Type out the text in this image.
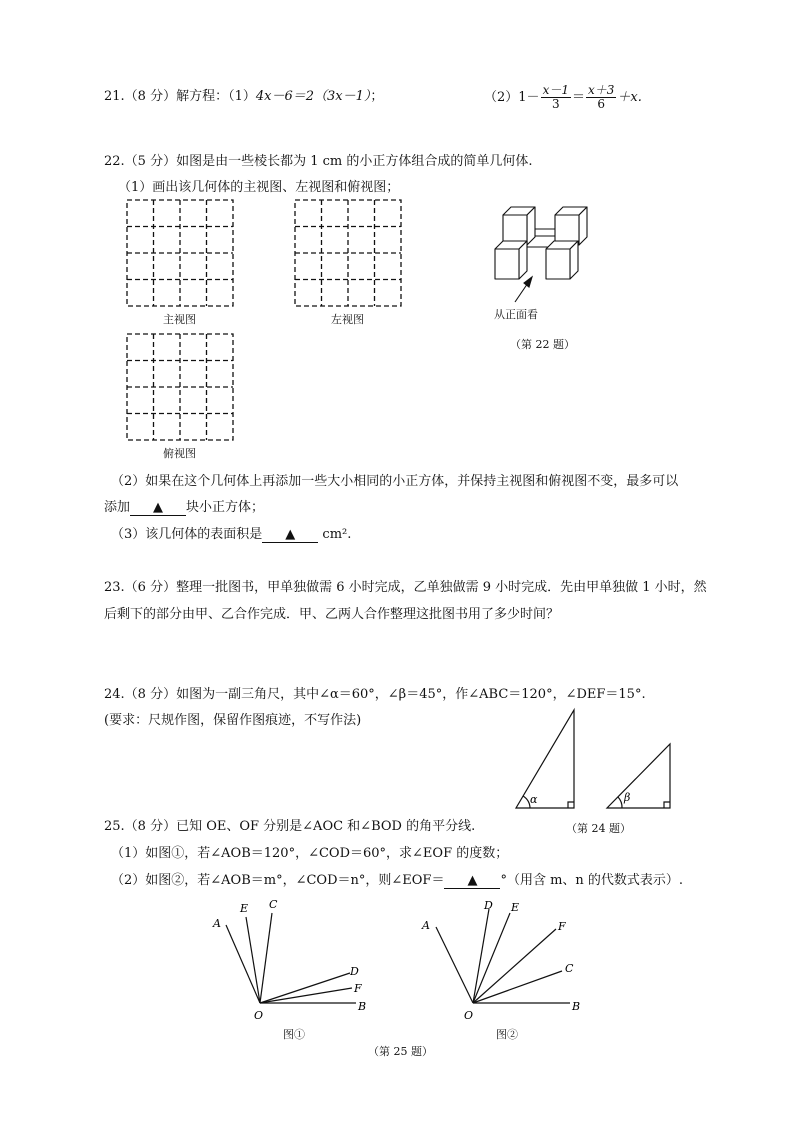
21.（8 分）解方程：（1）4x－6＝2（3x－1）；	$(2)1- \frac{x-1}{3} = \frac{x+3}{6} +x$.
22.（5 分）如图是由一些棱长都为 1 cm 的小正方体组合成的简单几何体.
（1）画出该几何体的主视图、左视图和俯视图；
主视图	左视图
俯视图
从正面看
（第 22 题）
（2）如果在这个几何体上再添加一些大小相同的小正方体，并保持主视图和俯视图不变，最多可以
添加 ▲ 块小正方体；
（3）该几何体的表面积是 ▲ cm².
23.（6 分）整理一批图书，甲单独做需 6 小时完成，乙单独做需 9 小时完成．先由甲单独做 1 小时，然
后剩下的部分由甲、乙合作完成．甲、乙两人合作整理这批图书用了多少时间？
24.（8 分）如图为一副三角尺，其中∠α＝60°，∠β＝45°，作∠ABC＝120°，∠DEF＝15°.
(要求：尺规作图，保留作图痕迹，不写作法)
α	β
（第 24 题）
25.（8 分）已知 OE、OF 分别是∠AOC 和∠BOD 的角平分线.
（1）如图①，若∠AOB＝120°，∠COD＝60°，求∠EOF 的度数；
（2）如图②，若∠AOB＝m°，∠COD＝n°，则∠EOF＝ ▲ °（用含 m、n 的代数式表示）.
A
E C
D
F
B
O
图①
A
D E
F
C
B
O
图②
（第 25 题）
